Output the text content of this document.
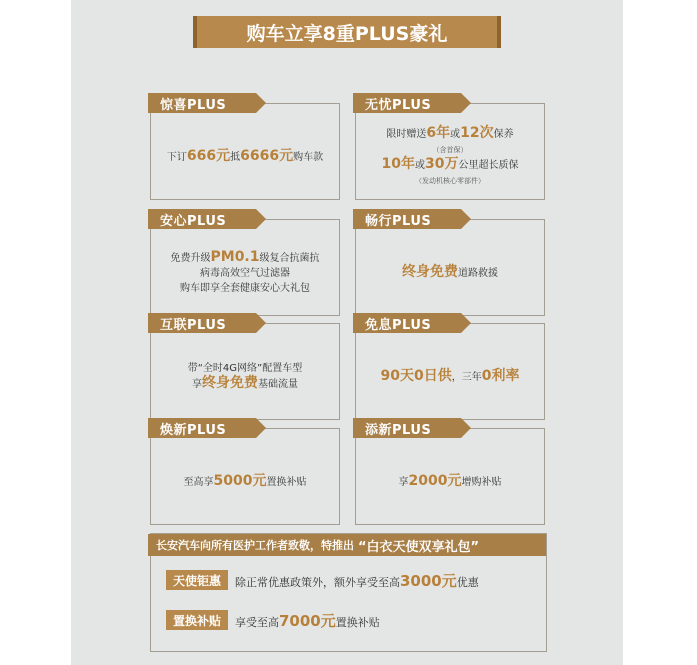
购车立享8重PLUS豪礼
惊喜PLUS
下订666元抵6666元购车款
无忧PLUS
限时赠送6年或12次保养
（含首保）
10年或30万公里超长质保
（发动机核心零部件）
安心PLUS
免费升级PM0.1级复合抗菌抗
病毒高效空气过滤器
购车即享全套健康安心大礼包
畅行PLUS
终身免费道路救援
互联PLUS
带“全时4G网络”配置车型
享终身免费基础流量
免息PLUS
90天0日供，三年0利率
焕新PLUS
至高享5000元置换补贴
添新PLUS
享2000元增购补贴
长安汽车向所有医护工作者致敬，特推出 “白衣天使双享礼包”
天使钜惠	除正常优惠政策外，额外享受至高 3000元 优惠
置换补贴	享受至高 7000元 置换补贴
